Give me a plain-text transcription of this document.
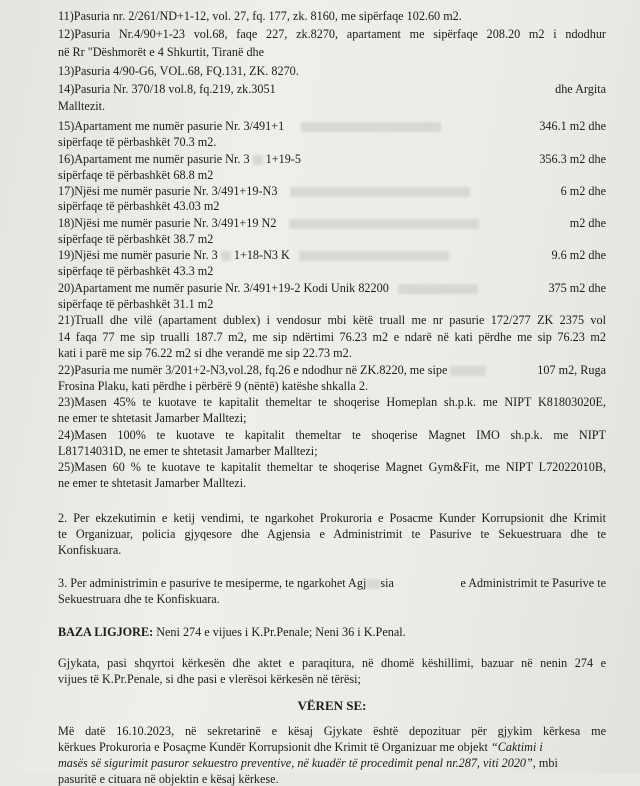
11)Pasuria nr. 2/261/ND+1-12, vol. 27, fq. 177, zk. 8160, me sipërfaqe 102.60 m2.
12)Pasuria Nr.4/90+1-23 vol.68, faqe 227, zk.8270, apartament me sipërfaqe 208.20 m2 i ndodhur
në Rr "Dëshmorët e 4 Shkurtit, Tiranë dhe
13)Pasuria 4/90-G6, VOL.68, FQ.131, ZK. 8270.
14)Pasuria Nr. 370/18 vol.8, fq.219, zk.3051	dhe Argita
Malltezit.
15)Apartament me numër pasurie Nr. 3/491+1	346.1 m2 dhe
sipërfaqe të përbashkët 70.3 m2.
16)Apartament me numër pasurie Nr. 3 1+19-5	356.3 m2 dhe
sipërfaqe të përbashkët 68.8 m2
17)Njësi me numër pasurie Nr. 3/491+19-N3	6 m2 dhe
sipërfaqe të përbashkët 43.03 m2
18)Njësi me numër pasurie Nr. 3/491+19 N2	m2 dhe
sipërfaqe të përbashkët 38.7 m2
19)Njësi me numër pasurie Nr. 3 1+18-N3 K	9.6 m2 dhe
sipërfaqe të përbashkët 43.3 m2
20)Apartament me numër pasurie Nr. 3/491+19-2 Kodi Unik 82200	375 m2 dhe
sipërfaqe të përbashkët 31.1 m2
21)Truall dhe vilë (apartament dublex) i vendosur mbi këtë truall me nr pasurie 172/277 ZK 2375 vol
14 faqa 77 me sip trualli 187.7 m2, me sip ndërtimi 76.23 m2 e ndarë në kati përdhe me sip 76.23 m2
kati i parë me sip 76.22 m2 si dhe verandë me sip 22.73 m2.
22)Pasuria me numër 3/201+2-N3,vol.28, fq.26 e ndodhur në ZK.8220, me sipe	107 m2, Ruga
Frosina Plaku, kati përdhe i përbërë 9 (nëntë) katëshe shkalla 2.
23)Masen 45% te kuotave te kapitalit themeltar te shoqerise Homeplan sh.p.k. me NIPT K81803020E,
ne emer te shtetasit Jamarber Malltezi;
24)Masen 100% te kuotave te kapitalit themeltar te shoqerise Magnet IMO sh.p.k. me NIPT
L81714031D, ne emer te shtetasit Jamarber Malltezi;
25)Masen 60 % te kuotave te kapitalit themeltar te shoqerise Magnet Gym&Fit, me NIPT L72022010B,
ne emer te shtetasit Jamarber Malltezi.
2. Per ekzekutimin e ketij vendimi, te ngarkohet Prokuroria e Posacme Kunder Korrupsionit dhe Krimit
te Organizuar, policia gjyqesore dhe Agjensia e Administrimit te Pasurive te Sekuestruara dhe te
Konfiskuara.
3. Per administrimin e pasurive te mesiperme, te ngarkohet Agj sia	e Administrimit te Pasurive te
Sekuestruara dhe te Konfiskuara.
BAZA LIGJORE: Neni 274 e vijues i K.Pr.Penale; Neni 36 i K.Penal.
Gjykata, pasi shqyrtoi kërkesën dhe aktet e paraqitura, në dhomë këshillimi, bazuar në nenin 274 e
vijues të K.Pr.Penale, si dhe pasi e vlerësoi kërkesën në tërësi;
VËREN SE:
Më datë 16.10.2023, në sekretarinë e kësaj Gjykate është depozituar për gjykim kërkesa me
kërkues Prokuroria e Posaçme Kundër Korrupsionit dhe Krimit të Organizuar me objekt “Caktimi i
masës së sigurimit pasuror sekuestro preventive, në kuadër të procedimit penal nr.287, viti 2020”, mbi
pasuritë e cituara në objektin e kësaj kërkese.
